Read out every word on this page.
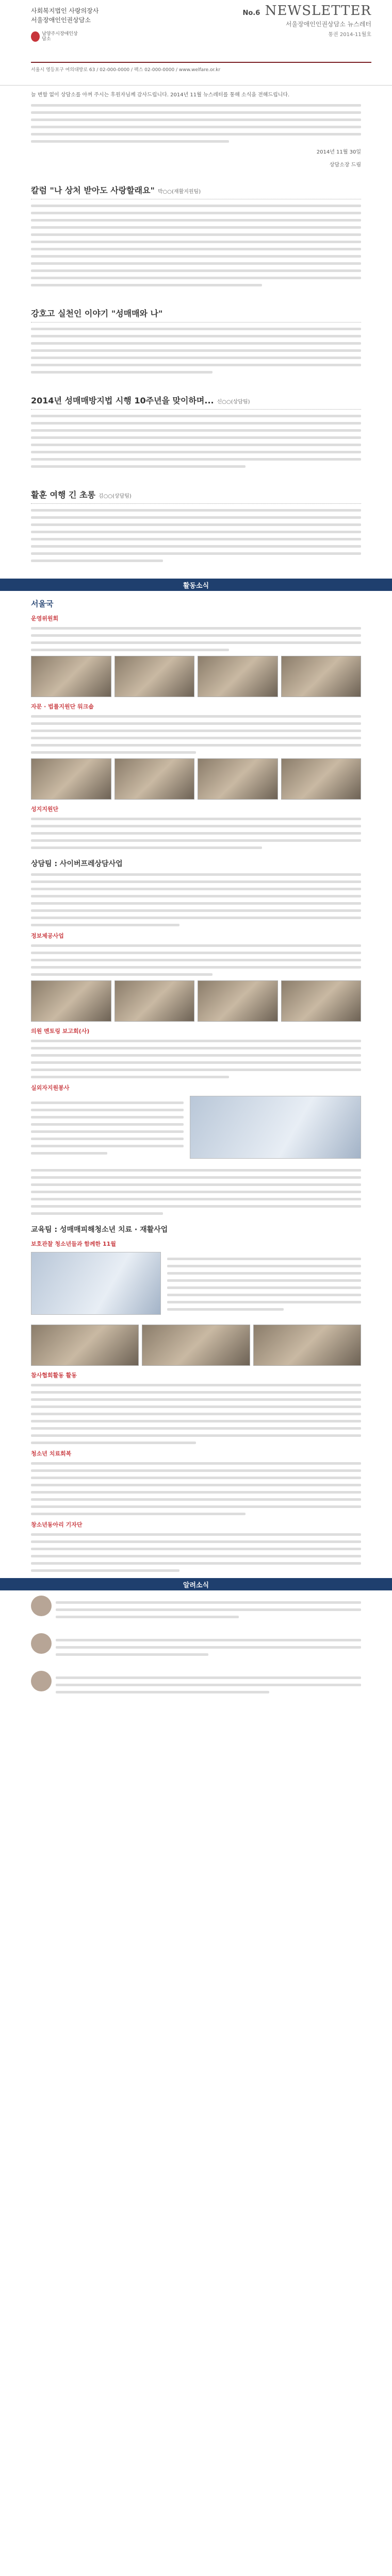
사회복지법인 사랑의장사
서울장애인인권상담소
남양주시장애인상담소
No.6 NEWSLETTER
서울장애인인권상담소 뉴스레터
통권 2014-11월호
서울시 영등포구 여의대방로 63 / 02-000-0000 / 팩스 02-000-0000 / www.welfare.or.kr
늘 변함 없이 상담소를 아껴 주시는 후원자님께 감사드립니다. 2014년 11월 뉴스레터를 통해 소식을 전해드립니다.
2014년 11월 30일
상담소장 드림
칼럼 "나 상처 받아도 사랑할래요" 박○○(재활지원팀)
강호고 실천인 이야기 "성매매와 나"
2014년 성매매방지법 시행 10주년을 맞이하며... 신○○(상담팀)
활훈 여행 긴 초롱 김○○(상담팀)
활동소식
서울국
운영위원회
자문 · 법률지원단 워크숍
성지지원단
상담팀 : 사이버프레상담사업
정보제공사업
의원 멘토링 보고회(사)
실외자지원봉사
교육팀 : 성매매피해청소년 치료 · 재활사업
보호관찰 청소년들과 함께한 11월
참사협회활동 활동
청소년 치료회복
창소년동아리 기자단
알려소식
